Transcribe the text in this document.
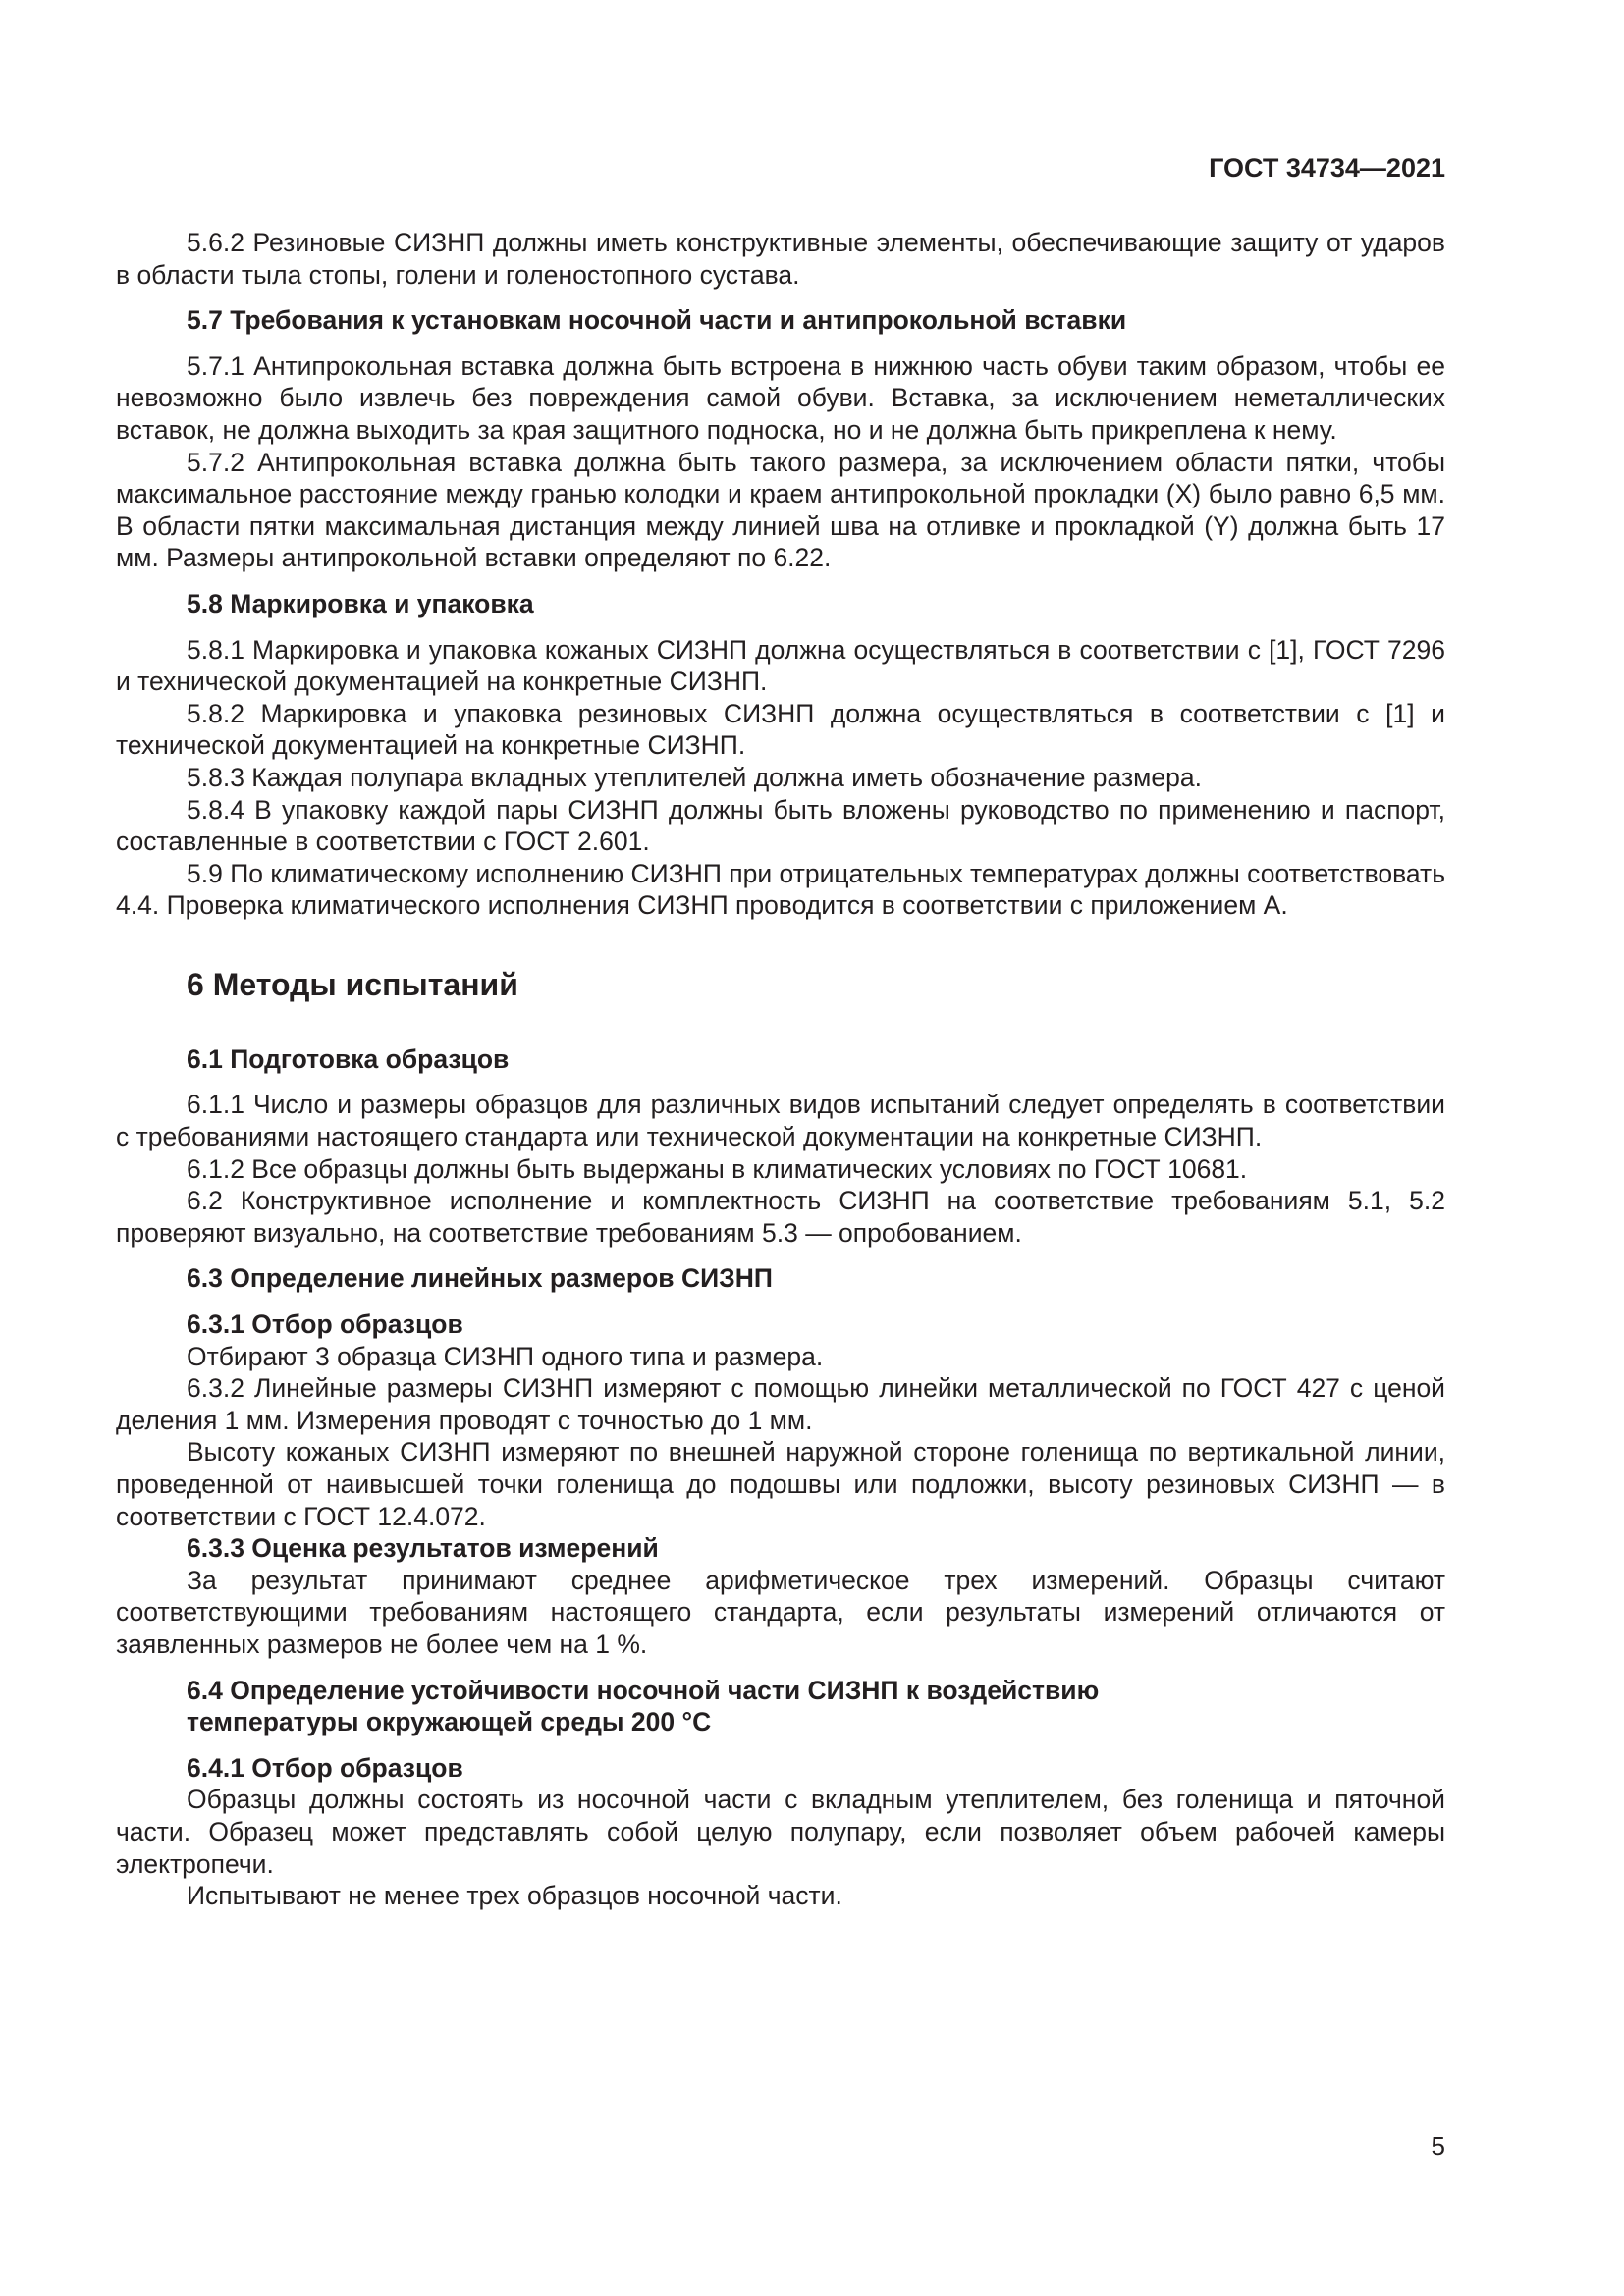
ГОСТ 34734—2021

5.6.2 Резиновые СИЗНП должны иметь конструктивные элементы, обеспечивающие защиту от ударов в области тыла стопы, голени и голеностопного сустава.

5.7 Требования к установкам носочной части и антипрокольной вставки

5.7.1 Антипрокольная вставка должна быть встроена в нижнюю часть обуви таким образом, чтобы ее невозможно было извлечь без повреждения самой обуви. Вставка, за исключением неметаллических вставок, не должна выходить за края защитного подноска, но и не должна быть прикреплена к нему.

5.7.2 Антипрокольная вставка должна быть такого размера, за исключением области пятки, чтобы максимальное расстояние между гранью колодки и краем антипрокольной прокладки (X) было равно 6,5 мм. В области пятки максимальная дистанция между линией шва на отливке и прокладкой (Y) должна быть 17 мм. Размеры антипрокольной вставки определяют по 6.22.

5.8 Маркировка и упаковка

5.8.1 Маркировка и упаковка кожаных СИЗНП должна осуществляться в соответствии с [1], ГОСТ 7296 и технической документацией на конкретные СИЗНП.

5.8.2 Маркировка и упаковка резиновых СИЗНП должна осуществляться в соответствии с [1] и технической документацией на конкретные СИЗНП.

5.8.3 Каждая полупара вкладных утеплителей должна иметь обозначение размера.

5.8.4 В упаковку каждой пары СИЗНП должны быть вложены руководство по применению и паспорт, составленные в соответствии с ГОСТ 2.601.

5.9 По климатическому исполнению СИЗНП при отрицательных температурах должны соответствовать 4.4. Проверка климатического исполнения СИЗНП проводится в соответствии с приложением А.

6 Методы испытаний
6.1 Подготовка образцов

6.1.1 Число и размеры образцов для различных видов испытаний следует определять в соответствии с требованиями настоящего стандарта или технической документации на конкретные СИЗНП.

6.1.2 Все образцы должны быть выдержаны в климатических условиях по ГОСТ 10681.

6.2 Конструктивное исполнение и комплектность СИЗНП на соответствие требованиям 5.1, 5.2 проверяют визуально, на соответствие требованиям 5.3 — опробованием.

6.3 Определение линейных размеров СИЗНП
6.3.1 Отбор образцов

Отбирают 3 образца СИЗНП одного типа и размера.

6.3.2 Линейные размеры СИЗНП измеряют с помощью линейки металлической по ГОСТ 427 с ценой деления 1 мм. Измерения проводят с точностью до 1 мм.

Высоту кожаных СИЗНП измеряют по внешней наружной стороне голенища по вертикальной линии, проведенной от наивысшей точки голенища до подошвы или подложки, высоту резиновых СИЗНП — в соответствии с ГОСТ 12.4.072.

6.3.3 Оценка результатов измерений

За результат принимают среднее арифметическое трех измерений. Образцы считают соответствующими требованиям настоящего стандарта, если результаты измерений отличаются от заявленных размеров не более чем на 1 %.

6.4 Определение устойчивости носочной части СИЗНП к воздействию температуры окружающей среды 200 °С
6.4.1 Отбор образцов

Образцы должны состоять из носочной части с вкладным утеплителем, без голенища и пяточной части. Образец может представлять собой целую полупару, если позволяет объем рабочей камеры электропечи.

Испытывают не менее трех образцов носочной части.

5
